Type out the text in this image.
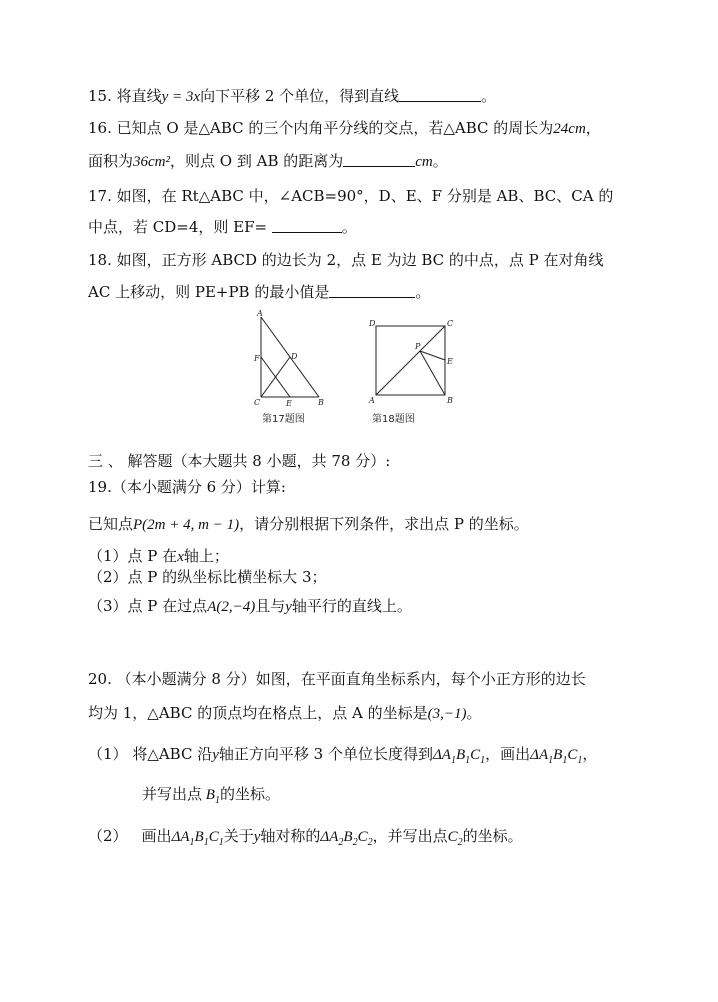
15. 将直线y = 3x向下平移 2 个单位，得到直线	。
16. 已知点 O 是△ABC 的三个内角平分线的交点，若△ABC 的周长为24cm，
面积为36cm²，则点 O 到 AB 的距离为	cm。
17. 如图，在 Rt△ABC 中，∠ACB=90°，D、E、F 分别是 AB、BC、CA 的
中点，若 CD=4，则 EF=	。
18. 如图，正方形 ABCD 的边长为 2，点 E 为边 BC 的中点，点 P 在对角线
AC 上移动，则 PE+PB 的最小值是	。
A
D
F
C	E	B
第17题图
D	C
P
E
A	B
第18题图
三 、 解答题（本大题共 8 小题，共 78 分）:
19.（本小题满分 6 分）计算:
已知点P(2m + 4, m − 1)，请分别根据下列条件，求出点 P 的坐标。
（1）点 P 在x轴上；
（2）点 P 的纵坐标比横坐标大 3；
（3）点 P 在过点A(2,−4)且与y轴平行的直线上。
20. （本小题满分 8 分）如图，在平面直角坐标系内，每个小正方形的边长
均为 1，△ABC 的顶点均在格点上，点 A 的坐标是(3,−1)。
（1） 将△ABC 沿y轴正方向平移 3 个单位长度得到$\Delta A_1B_1C_1$，画出$\Delta A_1B_1C_1$，
并写出点 $B_1$的坐标。
（2） 画出$\Delta A_1B_1C_1$关于y轴对称的$\Delta A_2B_2C_2$，并写出点$C_2$的坐标。
